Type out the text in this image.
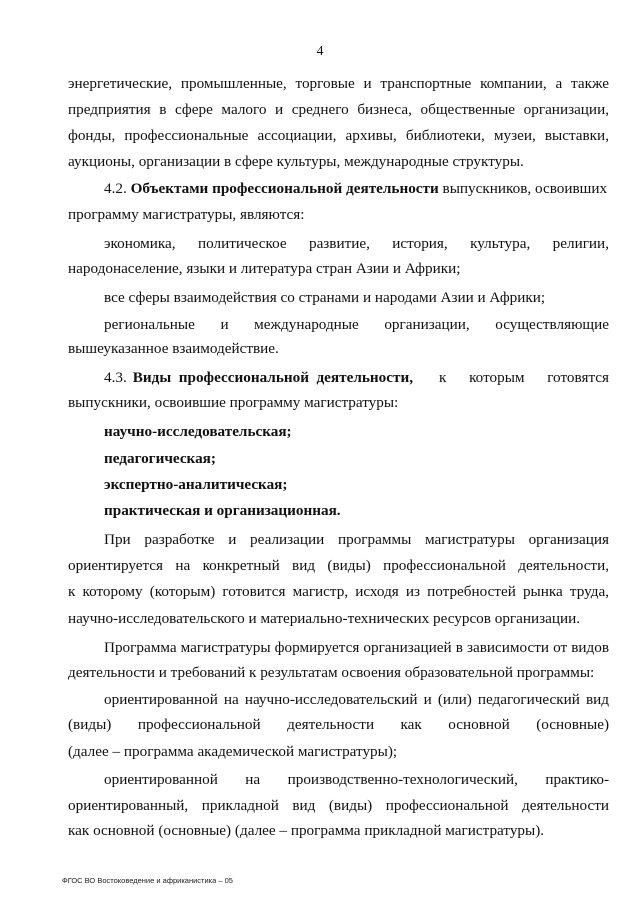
4
энергетические, промышленные, торговые и транспортные компании, а также
предприятия в сфере малого и среднего бизнеса, общественные организации,
фонды, профессиональные ассоциации, архивы, библиотеки, музеи, выставки,
аукционы, организации в сфере культуры, международные структуры.
4.2. Объектами профессиональной деятельности выпускников, освоивших
программу магистратуры, являются:
экономика, политическое развитие, история, культура, религии,
народонаселение, языки и литература стран Азии и Африки;
все сферы взаимодействия со странами и народами Азии и Африки;
региональные и международные организации, осуществляющие
вышеуказанное взаимодействие.
4.3. Виды профессиональной деятельности, к которым готовятся
выпускники, освоившие программу магистратуры:
научно-исследовательская;
педагогическая;
экспертно-аналитическая;
практическая и организационная.
При разработке и реализации программы магистратуры организация
ориентируется на конкретный вид (виды) профессиональной деятельности,
к которому (которым) готовится магистр, исходя из потребностей рынка труда,
научно-исследовательского и материально-технических ресурсов организации.
Программа магистратуры формируется организацией в зависимости от видов
деятельности и требований к результатам освоения образовательной программы:
ориентированной на научно-исследовательский и (или) педагогический вид
(виды) профессиональной деятельности как основной (основные)
(далее – программа академической магистратуры);
ориентированной на производственно-технологический, практико-
ориентированный, прикладной вид (виды) профессиональной деятельности
как основной (основные) (далее – программа прикладной магистратуры).
ФГОС ВО Востоковедение и африканистика – 05
